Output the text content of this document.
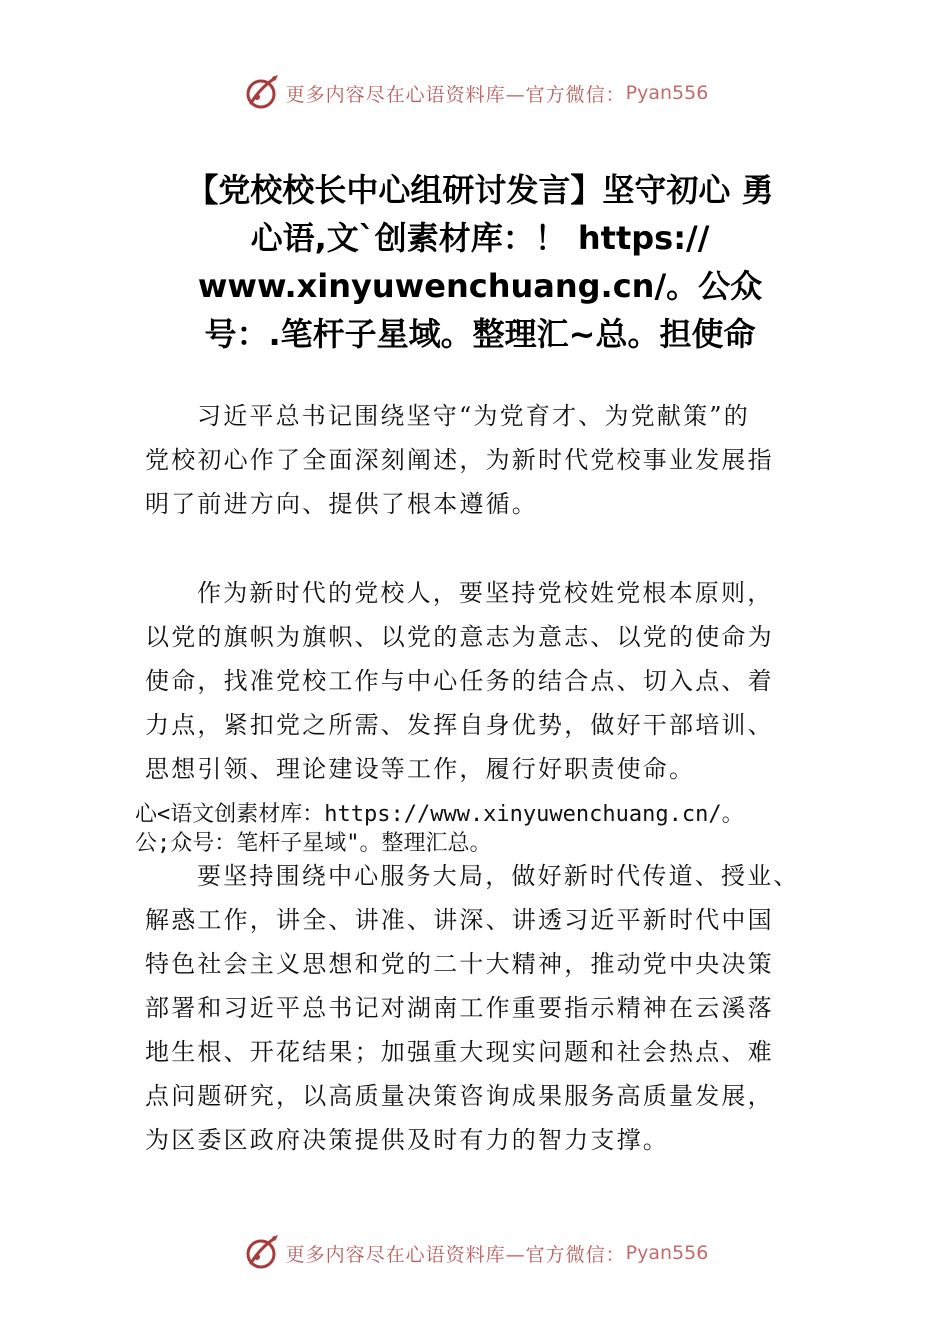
更多内容尽在心语资料库—官方微信： Pyan556
【党校校长中心组研讨发言】坚守初心 勇
心语,文`创素材库：！ https://
www.xinyuwenchuang.cn/。公众
号：.笔杆子星域。整理汇~总。担使命

习近平总书记围绕坚守“为党育才、为党献策”的
党校初心作了全面深刻阐述，为新时代党校事业发展指
明了前进方向、提供了根本遵循。

作为新时代的党校人，要坚持党校姓党根本原则，
以党的旗帜为旗帜、以党的意志为意志、以党的使命为
使命，找准党校工作与中心任务的结合点、切入点、着
力点，紧扣党之所需、发挥自身优势，做好干部培训、
思想引领、理论建设等工作，履行好职责使命。

心<语文创素材库：https://www.xinyuwenchuang.cn/。
公;众号：笔杆子星域"。整理汇总。

要坚持围绕中心服务大局，做好新时代传道、授业、
解惑工作，讲全、讲准、讲深、讲透习近平新时代中国
特色社会主义思想和党的二十大精神，推动党中央决策
部署和习近平总书记对湖南工作重要指示精神在云溪落
地生根、开花结果；加强重大现实问题和社会热点、难
点问题研究，以高质量决策咨询成果服务高质量发展，
为区委区政府决策提供及时有力的智力支撑。

更多内容尽在心语资料库—官方微信： Pyan556
